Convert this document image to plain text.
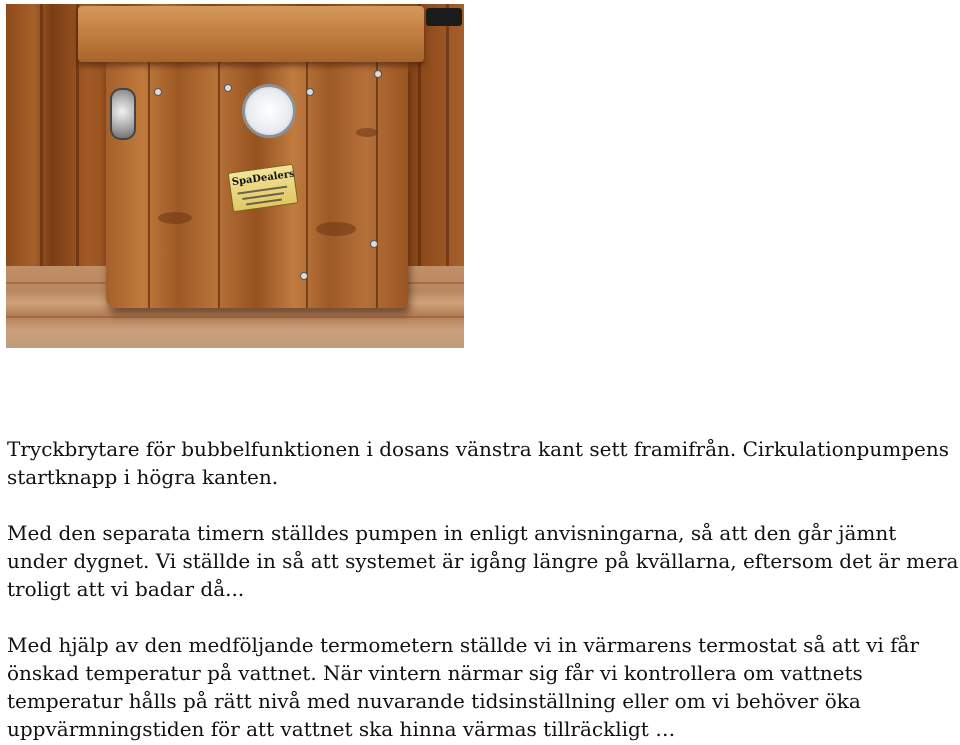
SpaDealers

Tryckbrytare för bubbelfunktionen i dosans vänstra kant sett framifrån. Cirkulationpumpens startknapp i högra kanten.

Med den separata timern ställdes pumpen in enligt anvisningarna, så att den går jämnt under dygnet. Vi ställde in så att systemet är igång längre på kvällarna, eftersom det är mera troligt att vi badar då...

Med hjälp av den medföljande termometern ställde vi in värmarens termostat så att vi får önskad temperatur på vattnet. När vintern närmar sig får vi kontrollera om vattnets temperatur hålls på rätt nivå med nuvarande tidsinställning eller om vi behöver öka uppvärmningstiden för att vattnet ska hinna värmas tillräckligt …
